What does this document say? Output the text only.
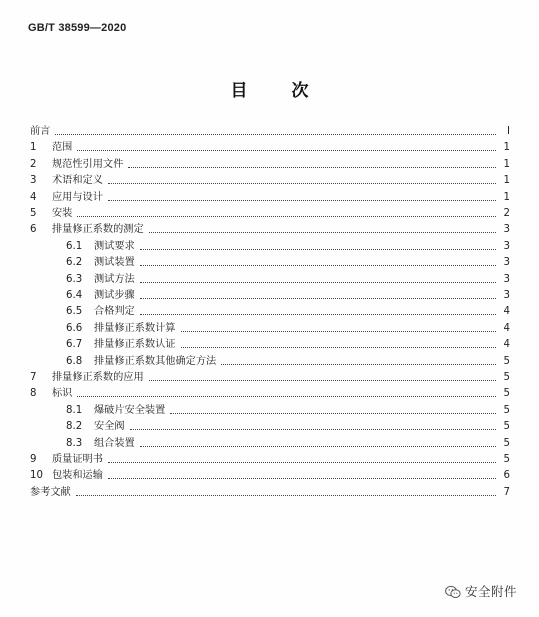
GB/T 38599—2020
目	次
前言	Ⅰ
1	范围	1
2	规范性引用文件	1
3	术语和定义	1
4	应用与设计	1
5	安装	2
6	排量修正系数的测定	3
6.1	测试要求	3
6.2	测试装置	3
6.3	测试方法	3
6.4	测试步骤	3
6.5	合格判定	4
6.6	排量修正系数计算	4
6.7	排量修正系数认证	4
6.8	排量修正系数其他确定方法	5
7	排量修正系数的应用	5
8	标识	5
8.1	爆破片安全装置	5
8.2	安全阀	5
8.3	组合装置	5
9	质量证明书	5
10 包装和运输	6
参考文献	7
安全附件
